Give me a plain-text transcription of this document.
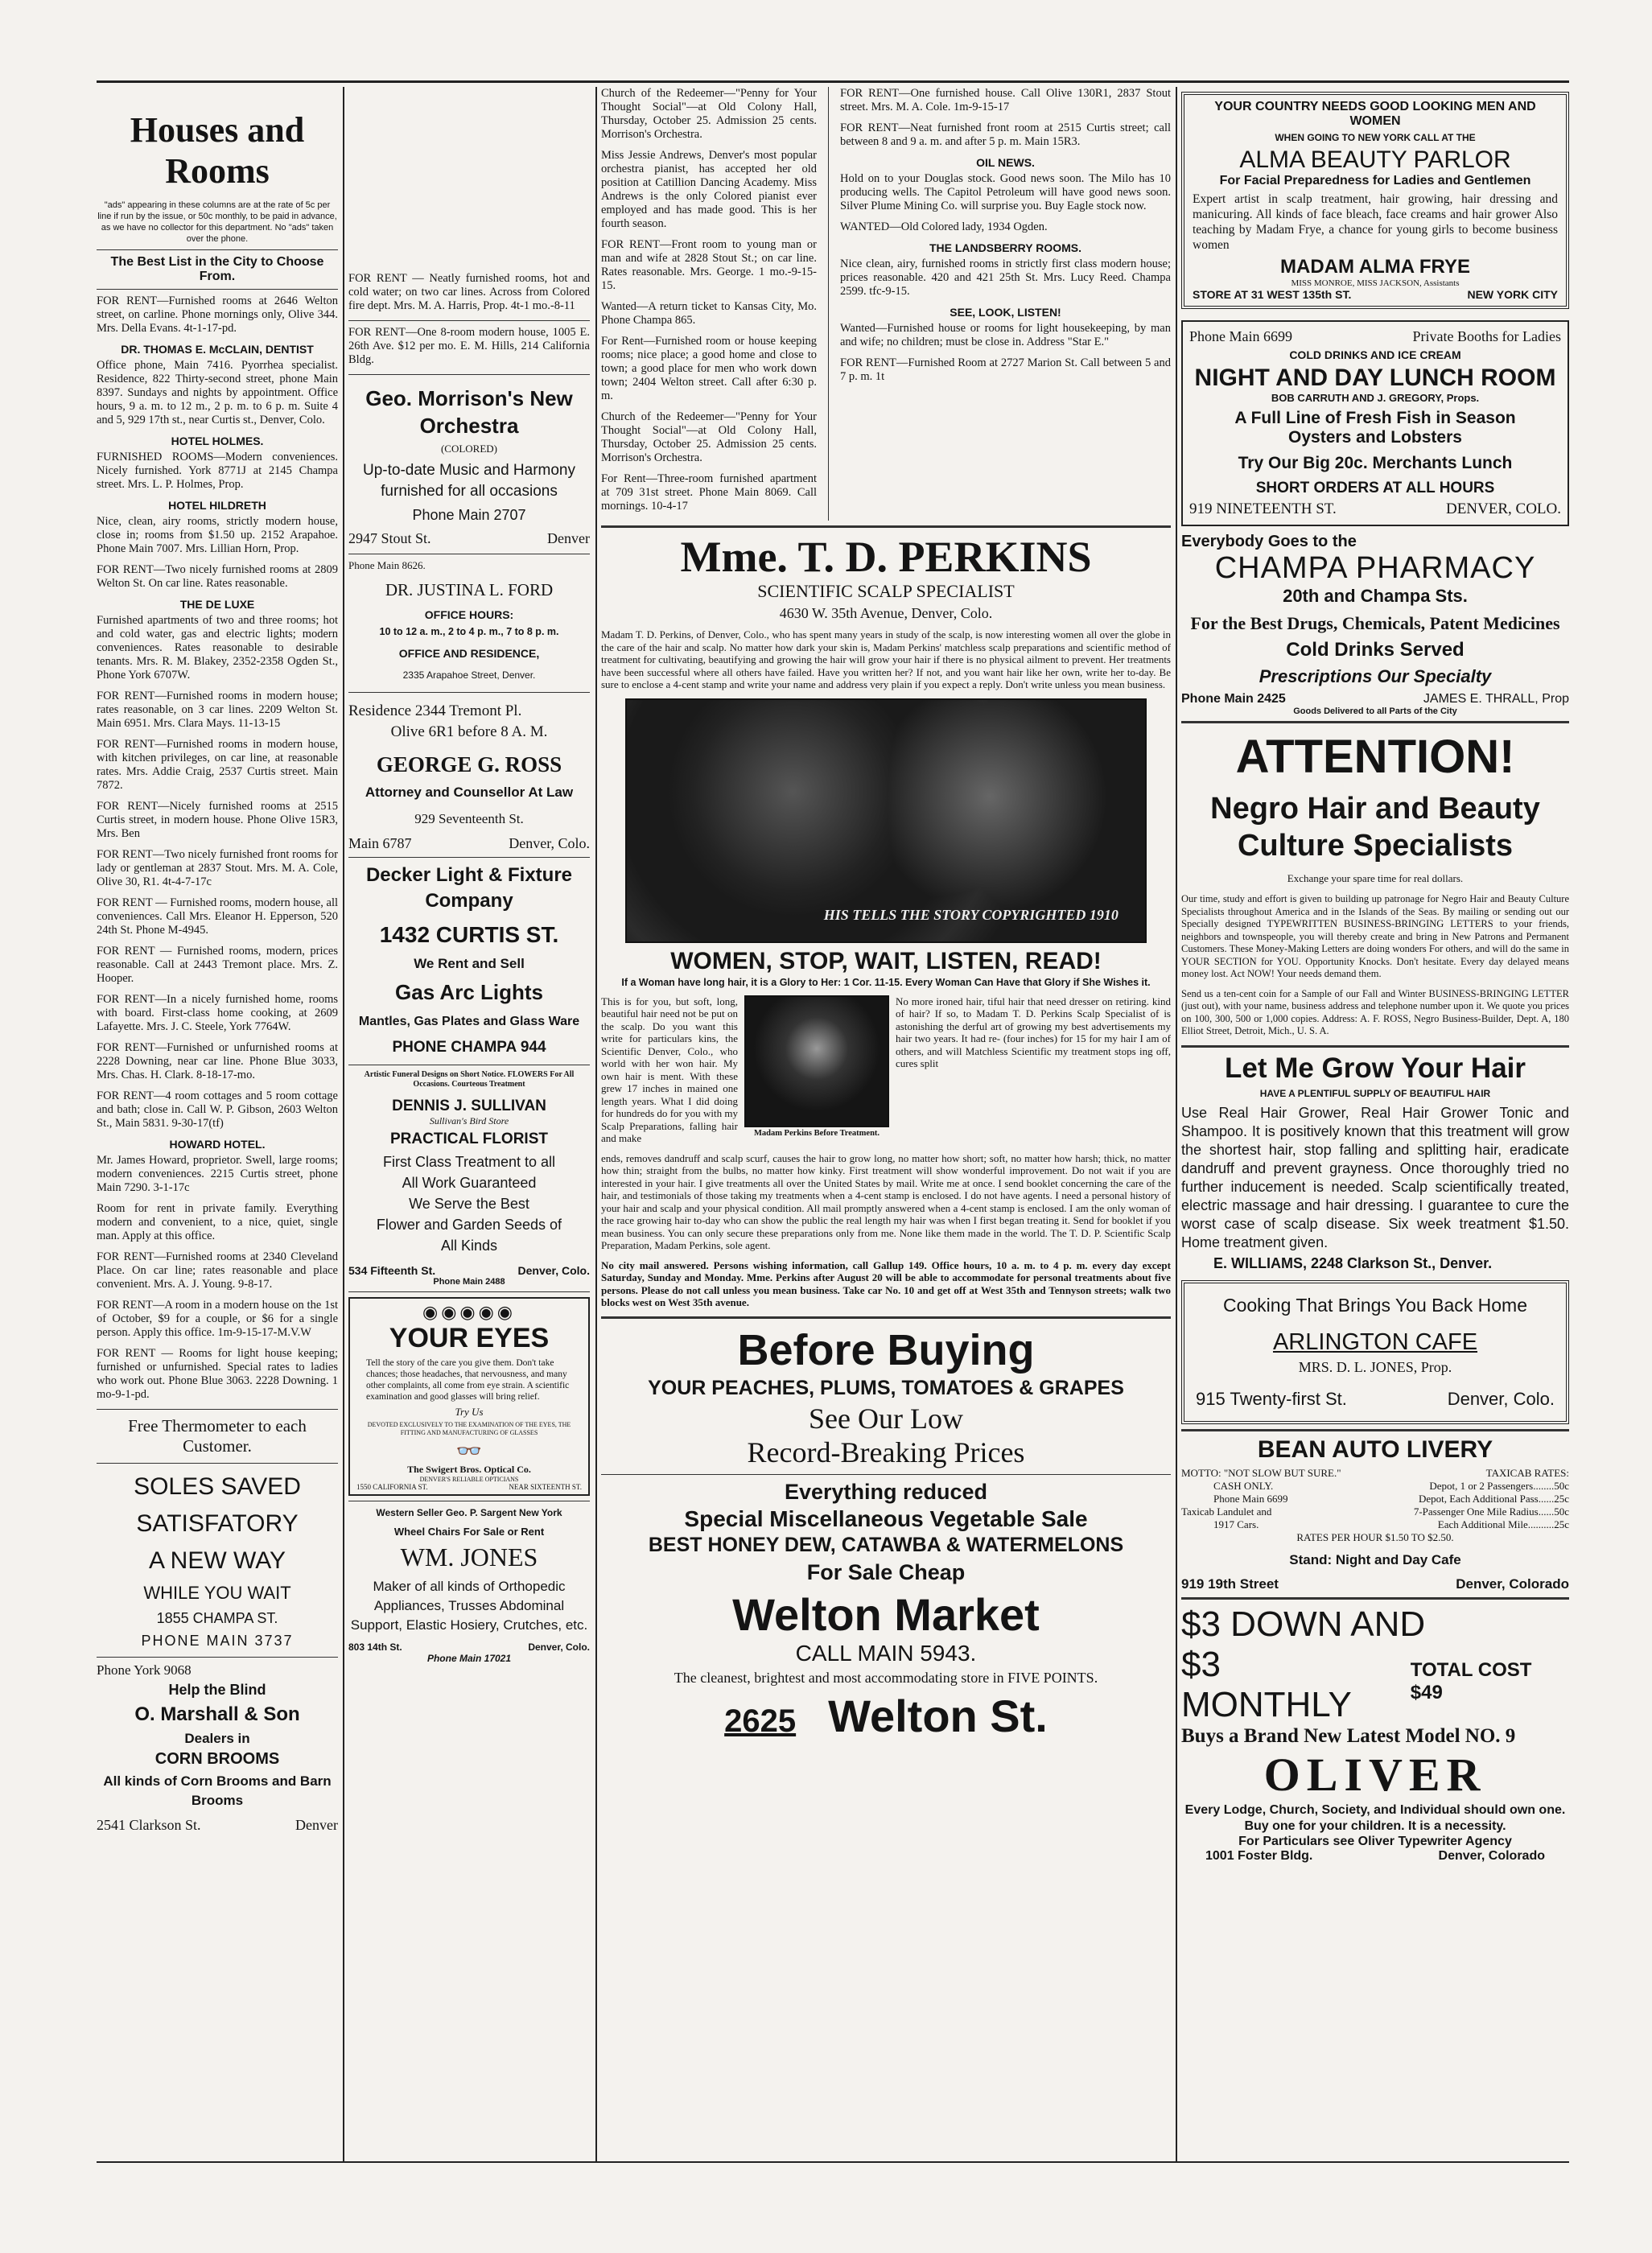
Houses and Rooms
"ads" appearing in these columns are at the rate of 5c per line if run by the issue, or 50c monthly, to be paid in advance, as we have no collector for this department. No "ads" taken over the phone.
The Best List in the City to Choose From.
FOR RENT—Furnished rooms at 2646 Welton street, on carline. Phone mornings only, Olive 344. Mrs. Della Evans. 4t-1-17-pd.
DR. THOMAS E. McCLAIN, DENTIST
Office phone, Main 7416. Pyorrhea specialist. Residence, 822 Thirty-second street, phone Main 8397. Sundays and nights by appointment. Office hours, 9 a. m. to 12 m., 2 p. m. to 6 p. m. Suite 4 and 5, 929 17th st., near Curtis st., Denver, Colo.
HOTEL HOLMES.
FURNISHED ROOMS—Modern conveniences. Nicely furnished. York 8771J at 2145 Champa street. Mrs. L. P. Holmes, Prop.
HOTEL HILDRETH
Nice, clean, airy rooms, strictly modern house, close in; rooms from $1.50 up. 2152 Arapahoe. Phone Main 7007. Mrs. Lillian Horn, Prop.
FOR RENT—Two nicely furnished rooms at 2809 Welton St. On car line. Rates reasonable.
THE DE LUXE
Furnished apartments of two and three rooms; hot and cold water, gas and electric lights; modern conveniences. Rates reasonable to desirable tenants. Mrs. R. M. Blakey, 2352-2358 Ogden St., Phone York 6707W.
FOR RENT—Furnished rooms in modern house; rates reasonable, on 3 car lines. 2209 Welton St. Main 6951. Mrs. Clara Mays. 11-13-15
FOR RENT—Furnished rooms in modern house, with kitchen privileges, on car line, at reasonable rates. Mrs. Addie Craig, 2537 Curtis street. Main 7872.
FOR RENT—Nicely furnished rooms at 2515 Curtis street, in modern house. Phone Olive 15R3, Mrs. Ben
FOR RENT—Two nicely furnished front rooms for lady or gentleman at 2837 Stout. Mrs. M. A. Cole, Olive 30, R1. 4t-4-7-17c
FOR RENT — Furnished rooms, modern house, all conveniences. Call Mrs. Eleanor H. Epperson, 520 24th St. Phone M-4945.
FOR RENT — Furnished rooms, modern, prices reasonable. Call at 2443 Tremont place. Mrs. Z. Hooper.
FOR RENT—In a nicely furnished home, rooms with board. First-class home cooking, at 2609 Lafayette. Mrs. J. C. Steele, York 7764W.
FOR RENT—Furnished or unfurnished rooms at 2228 Downing, near car line. Phone Blue 3033, Mrs. Chas. H. Clark. 8-18-17-mo.
FOR RENT—4 room cottages and 5 room cottage and bath; close in. Call W. P. Gibson, 2603 Welton St., Main 5831. 9-30-17(tf)
HOWARD HOTEL.
Mr. James Howard, proprietor. Swell, large rooms; modern conveniences. 2215 Curtis street, phone Main 7290. 3-1-17c
Room for rent in private family. Everything modern and convenient, to a nice, quiet, single man. Apply at this office.
FOR RENT—Furnished rooms at 2340 Cleveland Place. On car line; rates reasonable and place convenient. Mrs. A. J. Young. 9-8-17.
FOR RENT—A room in a modern house on the 1st of October, $9 for a couple, or $6 for a single person. Apply this office. 1m-9-15-17-M.V.W
FOR RENT — Rooms for light house keeping; furnished or unfurnished. Special rates to ladies who work out. Phone Blue 3063. 2228 Downing. 1 mo-9-1-pd.
Free Thermometer to each Customer.
SOLES SAVED
SATISFATORY
A NEW WAY
WHILE YOU WAIT
1855 CHAMPA ST.
PHONE MAIN 3737
Phone York 9068
Help the Blind
O. Marshall & Son
Dealers in
CORN BROOMS
All kinds of Corn Brooms and Barn Brooms
2541 Clarkson St.	Denver
FOR RENT — Neatly furnished rooms, hot and cold water; on two car lines. Across from Colored fire dept. Mrs. M. A. Harris, Prop. 4t-1 mo.-8-11
FOR RENT—One 8-room modern house, 1005 E. 26th Ave. $12 per mo. E. M. Hills, 214 California Bldg.
Geo. Morrison's New Orchestra
(COLORED)
Up-to-date Music and Harmony furnished for all occasions
Phone Main 2707
2947 Stout St.	Denver
Phone Main 8626.
DR. JUSTINA L. FORD
OFFICE HOURS:
10 to 12 a. m., 2 to 4 p. m., 7 to 8 p. m.
OFFICE AND RESIDENCE,
2335 Arapahoe Street, Denver.
Residence 2344 Tremont Pl.
Olive 6R1 before 8 A. M.
GEORGE G. ROSS
Attorney and Counsellor At Law
929 Seventeenth St.
Main 6787	Denver, Colo.
Decker Light & Fixture Company
1432 CURTIS ST.
We Rent and Sell
Gas Arc Lights
Mantles, Gas Plates and Glass Ware
PHONE CHAMPA 944
Artistic Funeral Designs on Short Notice. FLOWERS For All Occasions. Courteous Treatment
DENNIS J. SULLIVAN
Sullivan's Bird Store
PRACTICAL FLORIST
First Class Treatment to all
All Work Guaranteed
We Serve the Best
Flower and Garden Seeds of
All Kinds
534 Fifteenth St.	Denver, Colo.
Phone Main 2488
◉◉◉◉◉
YOUR EYES
Tell the story of the care you give them. Don't take chances; those headaches, that nervousness, and many other complaints, all come from eye strain. A scientific examination and good glasses will bring relief.
Try Us
DEVOTED EXCLUSIVELY TO THE EXAMINATION OF THE EYES, THE FITTING AND MANUFACTURING OF GLASSES
👓
The Swigert Bros. Optical Co.
DENVER'S RELIABLE OPTICIANS
1550 CALIFORNIA ST.	NEAR SIXTEENTH ST.
Western Seller Geo. P. Sargent New York
Wheel Chairs For Sale or Rent
WM. JONES
Maker of all kinds of Orthopedic Appliances, Trusses Abdominal Support, Elastic Hosiery, Crutches, etc.
803 14th St.	Denver, Colo.
Phone Main 17021
Church of the Redeemer—"Penny for Your Thought Social"—at Old Colony Hall, Thursday, October 25. Admission 25 cents. Morrison's Orchestra.
Miss Jessie Andrews, Denver's most popular orchestra pianist, has accepted her old position at Catillion Dancing Academy. Miss Andrews is the only Colored pianist ever employed and has made good. This is her fourth season.
FOR RENT—Front room to young man or man and wife at 2828 Stout St.; on car line. Rates reasonable. Mrs. George. 1 mo.-9-15-15.
Wanted—A return ticket to Kansas City, Mo. Phone Champa 865.
For Rent—Furnished room or house keeping rooms; nice place; a good home and close to town; a good place for men who work down town; 2404 Welton street. Call after 6:30 p. m.
Church of the Redeemer—"Penny for Your Thought Social"—at Old Colony Hall, Thursday, October 25. Admission 25 cents. Morrison's Orchestra.
For Rent—Three-room furnished apartment at 709 31st street. Phone Main 8069. Call mornings. 10-4-17
FOR RENT—One furnished house. Call Olive 130R1, 2837 Stout street. Mrs. M. A. Cole. 1m-9-15-17
FOR RENT—Neat furnished front room at 2515 Curtis street; call between 8 and 9 a. m. and after 5 p. m. Main 15R3.
OIL NEWS.
Hold on to your Douglas stock. Good news soon. The Milo has 10 producing wells. The Capitol Petroleum will have good news soon. Silver Plume Mining Co. will surprise you. Buy Eagle stock now.
WANTED—Old Colored lady, 1934 Ogden.
THE LANDSBERRY ROOMS.
Nice clean, airy, furnished rooms in strictly first class modern house; prices reasonable. 420 and 421 25th St. Mrs. Lucy Reed. Champa 2599. tfc-9-15.
SEE, LOOK, LISTEN!
Wanted—Furnished house or rooms for light housekeeping, by man and wife; no children; must be close in. Address "Star E."
FOR RENT—Furnished Room at 2727 Marion St. Call between 5 and 7 p. m. 1t
Mme. T. D. PERKINS
SCIENTIFIC SCALP SPECIALIST
4630 W. 35th Avenue, Denver, Colo.
Madam T. D. Perkins, of Denver, Colo., who has spent many years in study of the scalp, is now interesting women all over the globe in the care of the hair and scalp. No matter how dark your skin is, Madam Perkins' matchless scalp preparations and scientific method of treatment for cultivating, beautifying and growing the hair will grow your hair if there is no physical ailment to prevent. Her treatments have been successful where all others have failed. Have you written her? If not, and you want hair like her own, write her to-day. Be sure to enclose a 4-cent stamp and write your name and address very plain if you expect a reply. Don't write unless you mean business.
HIS TELLS THE STORY COPYRIGHTED 1910
WOMEN, STOP, WAIT, LISTEN, READ!
If a Woman have long hair, it is a Glory to Her: 1 Cor. 11-15. Every Woman Can Have that Glory if She Wishes it.
This is for you, but soft, long, beautiful hair need not be put on the scalp. Do you want this write for particulars kins, the Scientific Denver, Colo., who world with her won hair. My own hair is ment. With these grew 17 inches in mained one length years. What I did doing for hundreds do for you with my Scalp Preparations, falling hair and make	Madam Perkins Before Treatment.
No more ironed hair, tiful hair that need dresser on retiring. kind of hair? If so, to Madam T. D. Perkins Scalp Specialist of is astonishing the derful art of growing my best advertisements my hair two years. It had re- (four inches) for 15 for my hair I am of others, and will Matchless Scientific my treatment stops ing off, cures split
ends, removes dandruff and scalp scurf, causes the hair to grow long, no matter how short; soft, no matter how harsh; thick, no matter how thin; straight from the bulbs, no matter how kinky. First treatment will show wonderful improvement. Do not wait if you are interested in your hair. I give treatments all over the United States by mail. Write me at once. I send booklet concerning the care of the hair, and testimonials of those taking my treatments when a 4-cent stamp is enclosed. I do not have agents. I need a personal history of your hair and scalp and your physical condition. All mail promptly answered when a 4-cent stamp is enclosed. I am the only woman of the race growing hair to-day who can show the public the real length my hair was when I first began treating it. Send for booklet if you mean business. You can only secure these preparations only from me. None like them made in the world. The T. D. P. Scientific Scalp Preparation, Madam Perkins, sole agent.
No city mail answered. Persons wishing information, call Gallup 149. Office hours, 10 a. m. to 4 p. m. every day except Saturday, Sunday and Monday. Mme. Perkins after August 20 will be able to accommodate for personal treatments about five persons. Please do not call unless you mean business. Take car No. 10 and get off at West 35th and Tennyson streets; walk two blocks west on West 35th avenue.
Before Buying
YOUR PEACHES, PLUMS, TOMATOES & GRAPES
See Our Low
Record-Breaking Prices
Everything reduced
Special Miscellaneous Vegetable Sale
BEST HONEY DEW, CATAWBA & WATERMELONS
For Sale Cheap
Welton Market
CALL MAIN 5943.
The cleanest, brightest and most accommodating store in FIVE POINTS.
2625 Welton St.
YOUR COUNTRY NEEDS GOOD LOOKING MEN AND WOMEN
WHEN GOING TO NEW YORK CALL AT THE
ALMA BEAUTY PARLOR
For Facial Preparedness for Ladies and Gentlemen
Expert artist in scalp treatment, hair growing, hair dressing and manicuring. All kinds of face bleach, face creams and hair grower Also teaching by Madam Frye, a chance for young girls to become business women
MADAM ALMA FRYE
MISS MONROE, MISS JACKSON, Assistants
STORE AT 31 WEST 135th ST.	NEW YORK CITY
Phone Main 6699	Private Booths for Ladies
COLD DRINKS AND ICE CREAM
NIGHT AND DAY LUNCH ROOM
BOB CARRUTH AND J. GREGORY, Props.
A Full Line of Fresh Fish in Season
Oysters and Lobsters
Try Our Big 20c. Merchants Lunch
SHORT ORDERS AT ALL HOURS
919 NINETEENTH ST.	DENVER, COLO.
Everybody Goes to the
CHAMPA PHARMACY
20th and Champa Sts.
For the Best Drugs, Chemicals, Patent Medicines
Cold Drinks Served
Prescriptions Our Specialty
Phone Main 2425	JAMES E. THRALL, Prop
Goods Delivered to all Parts of the City
ATTENTION!
Negro Hair and Beauty Culture Specialists
Exchange your spare time for real dollars.
Our time, study and effort is given to building up patronage for Negro Hair and Beauty Culture Specialists throughout America and in the Islands of the Seas. By mailing or sending out our Specially designed TYPEWRITTEN BUSINESS-BRINGING LETTERS to your friends, neighbors and townspeople, you will thereby create and bring in New Patrons and Permanent Customers. These Money-Making Letters are doing wonders For others, and will do the same in YOUR SECTION for YOU. Opportunity Knocks. Don't hesitate. Every day delayed means money lost. Act NOW! Your needs demand them.
Send us a ten-cent coin for a Sample of our Fall and Winter BUSINESS-BRINGING LETTER (just out), with your name, business address and telephone number upon it. We quote you prices on 100, 300, 500 or 1,000 copies. Address: A. F. ROSS, Negro Business-Builder, Dept. A, 180 Elliot Street, Detroit, Mich., U. S. A.
Let Me Grow Your Hair
HAVE A PLENTIFUL SUPPLY OF BEAUTIFUL HAIR
Use Real Hair Grower, Real Hair Grower Tonic and Shampoo. It is positively known that this treatment will grow the shortest hair, stop falling and splitting hair, eradicate dandruff and prevent grayness. Once thoroughly tried no further inducement is needed. Scalp scientifically treated, electric massage and hair dressing. I guarantee to cure the worst case of scalp disease. Six week treatment $1.50. Home treatment given.
E. WILLIAMS, 2248 Clarkson St., Denver.
Cooking That Brings You Back Home
ARLINGTON CAFE
MRS. D. L. JONES, Prop.
915 Twenty-first St.	Denver, Colo.
BEAN AUTO LIVERY
MOTTO: "NOT SLOW BUT SURE."	TAXICAB RATES:
CASH ONLY.	Depot, 1 or 2 Passengers........50c
Phone Main 6699	Depot, Each Additional Pass......25c
Taxicab Landulet and	7-Passenger One Mile Radius......50c
1917 Cars.	Each Additional Mile..........25c
RATES PER HOUR $1.50 TO $2.50.
Stand: Night and Day Cafe
919 19th Street	Denver, Colorado
$3 DOWN AND
$3 MONTHLY
TOTAL COST $49
Buys a Brand New Latest Model NO. 9
OLIVER
Every Lodge, Church, Society, and Individual should own one. Buy one for your children. It is a necessity.
For Particulars see Oliver Typewriter Agency
1001 Foster Bldg.	Denver, Colorado
